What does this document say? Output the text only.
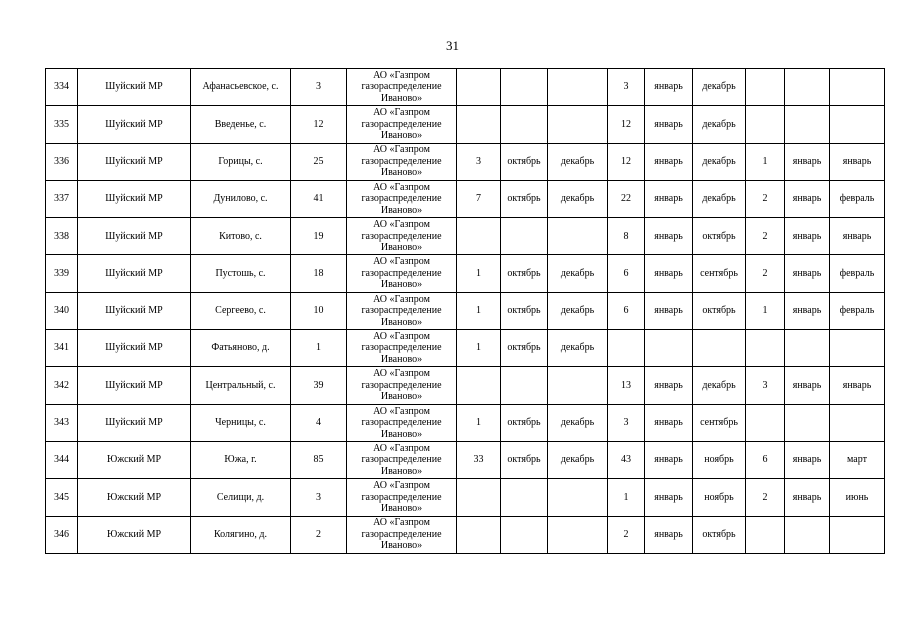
31
334	Шуйский МР	Афанасьевское, с.	3	АО «Газпром
газораспределение
Иваново»				3	январь	декабрь			
335	Шуйский МР	Введенье, с.	12	АО «Газпром
газораспределение
Иваново»				12	январь	декабрь			
336	Шуйский МР	Горицы, с.	25	АО «Газпром
газораспределение
Иваново»	3	октябрь	декабрь	12	январь	декабрь	1	январь	январь
337	Шуйский МР	Дунилово, с.	41	АО «Газпром
газораспределение
Иваново»	7	октябрь	декабрь	22	январь	декабрь	2	январь	февраль
338	Шуйский МР	Китово, с.	19	АО «Газпром
газораспределение
Иваново»				8	январь	октябрь	2	январь	январь
339	Шуйский МР	Пустошь, с.	18	АО «Газпром
газораспределение
Иваново»	1	октябрь	декабрь	6	январь	сентябрь	2	январь	февраль
340	Шуйский МР	Сергеево, с.	10	АО «Газпром
газораспределение
Иваново»	1	октябрь	декабрь	6	январь	октябрь	1	январь	февраль
341	Шуйский МР	Фатьяново, д.	1	АО «Газпром
газораспределение
Иваново»	1	октябрь	декабрь						
342	Шуйский МР	Центральный, с.	39	АО «Газпром
газораспределение
Иваново»				13	январь	декабрь	3	январь	январь
343	Шуйский МР	Черницы, с.	4	АО «Газпром
газораспределение
Иваново»	1	октябрь	декабрь	3	январь	сентябрь			
344	Южский МР	Южа, г.	85	АО «Газпром
газораспределение
Иваново»	33	октябрь	декабрь	43	январь	ноябрь	6	январь	март
345	Южский МР	Селищи, д.	3	АО «Газпром
газораспределение
Иваново»				1	январь	ноябрь	2	январь	июнь
346	Южский МР	Колягино, д.	2	АО «Газпром
газораспределение
Иваново»				2	январь	октябрь			
